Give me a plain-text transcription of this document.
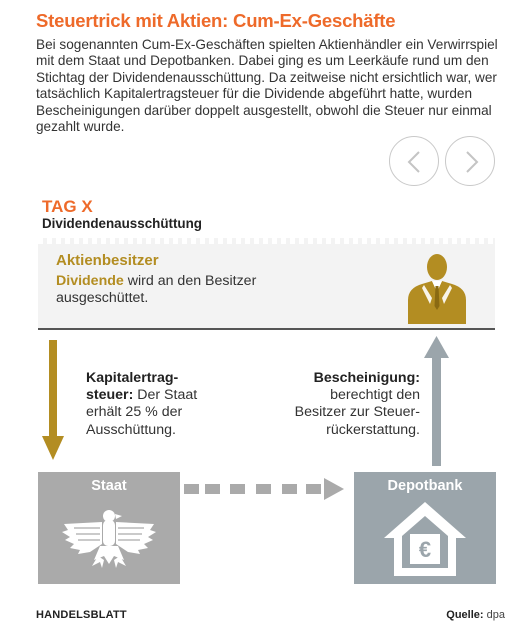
Steuertrick mit Aktien: Cum-Ex-Geschäfte
Bei sogenannten Cum-Ex-Geschäften spielten Aktienhändler ein Verwirrspiel mit dem Staat und Depotbanken. Dabei ging es um Leerkäufe rund um den Stichtag der Dividendenausschüttung. Da zeitweise nicht ersichtlich war, wer tatsächlich Kapitalertragsteuer für die Dividende abgeführt hatte, wurden Bescheinigungen darüber doppelt ausgestellt, obwohl die Steuer nur einmal gezahlt wurde.
TAG X
Dividendenausschüttung
Aktienbesitzer
Dividende wird an den Besitzer ausgeschüttet.
Kapitalertrag-
steuer: Der Staat
erhält 25 % der
Ausschüttung.
Bescheinigung:
berechtigt den
Besitzer zur Steuer-
rückerstattung.
Staat	Depotbank
€
HANDELSBLATT	Quelle: dpa
